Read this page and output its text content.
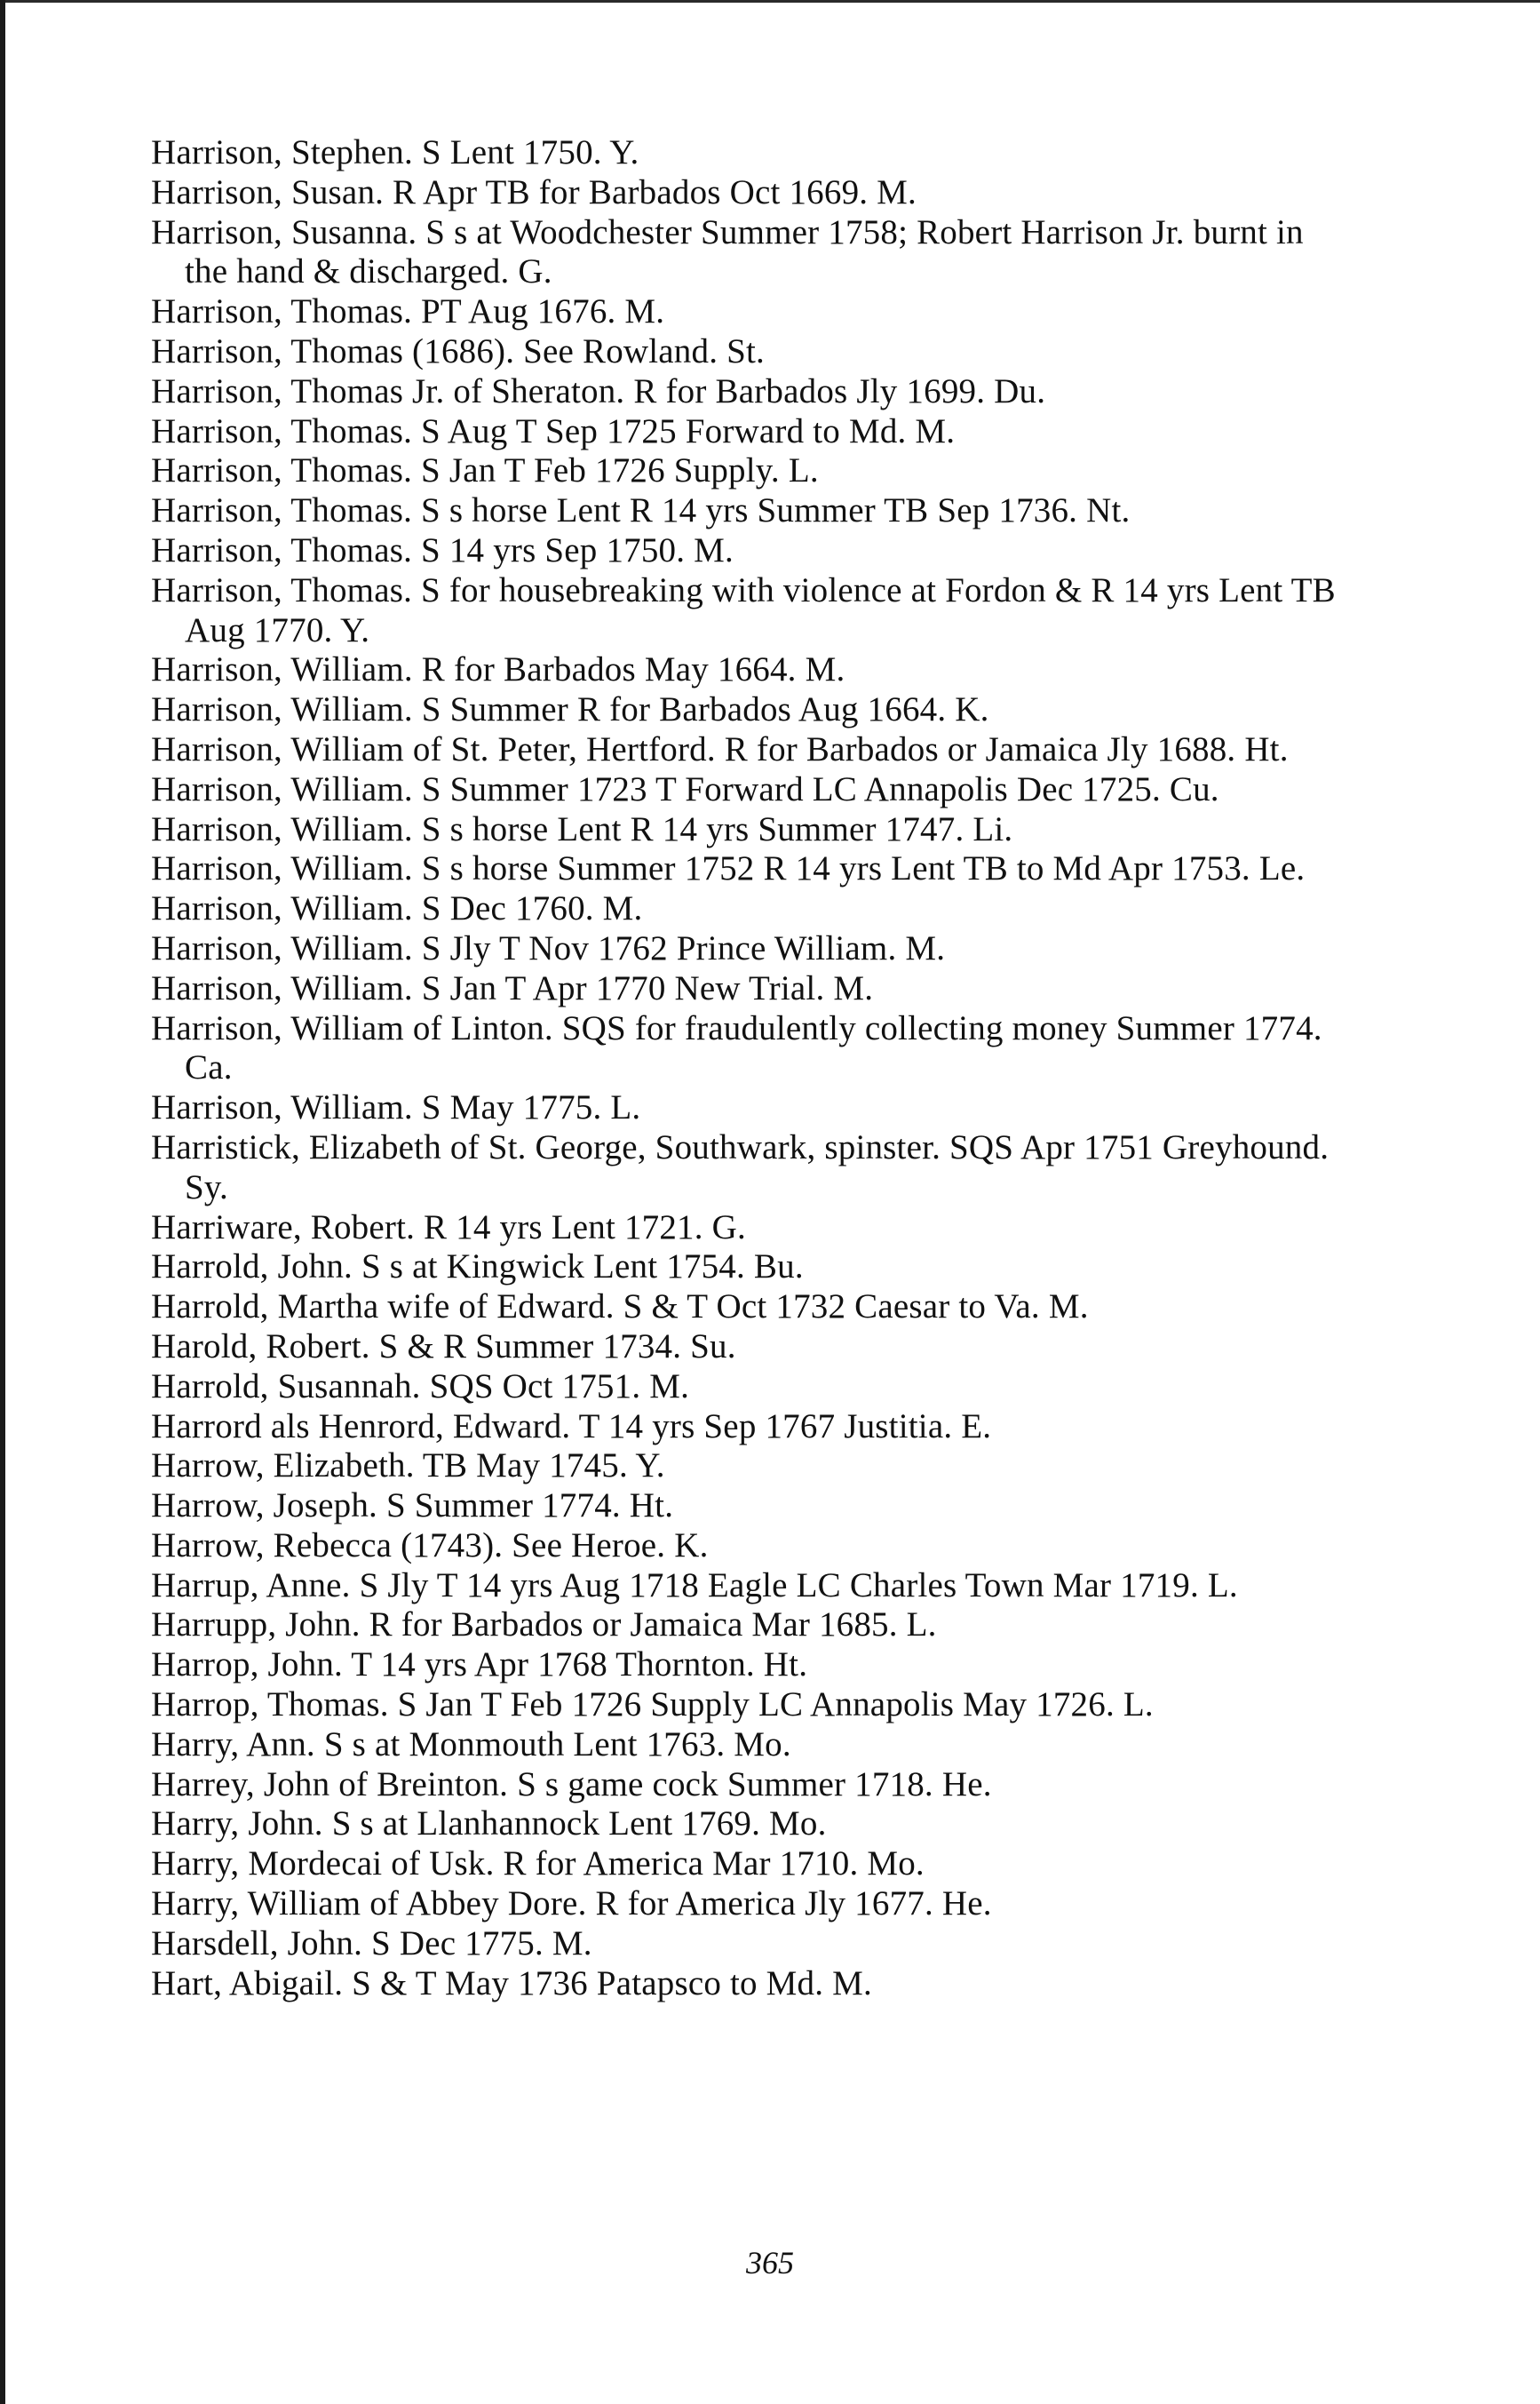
Harrison, Stephen. S Lent 1750. Y.
Harrison, Susan. R Apr TB for Barbados Oct 1669. M.
Harrison, Susanna. S s at Woodchester Summer 1758; Robert Harrison Jr. burnt in the hand & discharged. G.
Harrison, Thomas. PT Aug 1676. M.
Harrison, Thomas (1686). See Rowland. St.
Harrison, Thomas Jr. of Sheraton. R for Barbados Jly 1699. Du.
Harrison, Thomas. S Aug T Sep 1725 Forward to Md. M.
Harrison, Thomas. S Jan T Feb 1726 Supply. L.
Harrison, Thomas. S s horse Lent R 14 yrs Summer TB Sep 1736. Nt.
Harrison, Thomas. S 14 yrs Sep 1750. M.
Harrison, Thomas. S for housebreaking with violence at Fordon & R 14 yrs Lent TB Aug 1770. Y.
Harrison, William. R for Barbados May 1664. M.
Harrison, William. S Summer R for Barbados Aug 1664. K.
Harrison, William of St. Peter, Hertford. R for Barbados or Jamaica Jly 1688. Ht.
Harrison, William. S Summer 1723 T Forward LC Annapolis Dec 1725. Cu.
Harrison, William. S s horse Lent R 14 yrs Summer 1747. Li.
Harrison, William. S s horse Summer 1752 R 14 yrs Lent TB to Md Apr 1753. Le.
Harrison, William. S Dec 1760. M.
Harrison, William. S Jly T Nov 1762 Prince William. M.
Harrison, William. S Jan T Apr 1770 New Trial. M.
Harrison, William of Linton. SQS for fraudulently collecting money Summer 1774. Ca.
Harrison, William. S May 1775. L.
Harristick, Elizabeth of St. George, Southwark, spinster. SQS Apr 1751 Greyhound. Sy.
Harriware, Robert. R 14 yrs Lent 1721. G.
Harrold, John. S s at Kingwick Lent 1754. Bu.
Harrold, Martha wife of Edward. S & T Oct 1732 Caesar to Va. M.
Harold, Robert. S & R Summer 1734. Su.
Harrold, Susannah. SQS Oct 1751. M.
Harrord als Henrord, Edward. T 14 yrs Sep 1767 Justitia. E.
Harrow, Elizabeth. TB May 1745. Y.
Harrow, Joseph. S Summer 1774. Ht.
Harrow, Rebecca (1743). See Heroe. K.
Harrup, Anne. S Jly T 14 yrs Aug 1718 Eagle LC Charles Town Mar 1719. L.
Harrupp, John. R for Barbados or Jamaica Mar 1685. L.
Harrop, John. T 14 yrs Apr 1768 Thornton. Ht.
Harrop, Thomas. S Jan T Feb 1726 Supply LC Annapolis May 1726. L.
Harry, Ann. S s at Monmouth Lent 1763. Mo.
Harrey, John of Breinton. S s game cock Summer 1718. He.
Harry, John. S s at Llanhannock Lent 1769. Mo.
Harry, Mordecai of Usk. R for America Mar 1710. Mo.
Harry, William of Abbey Dore. R for America Jly 1677. He.
Harsdell, John. S Dec 1775. M.
Hart, Abigail. S & T May 1736 Patapsco to Md. M.
365
